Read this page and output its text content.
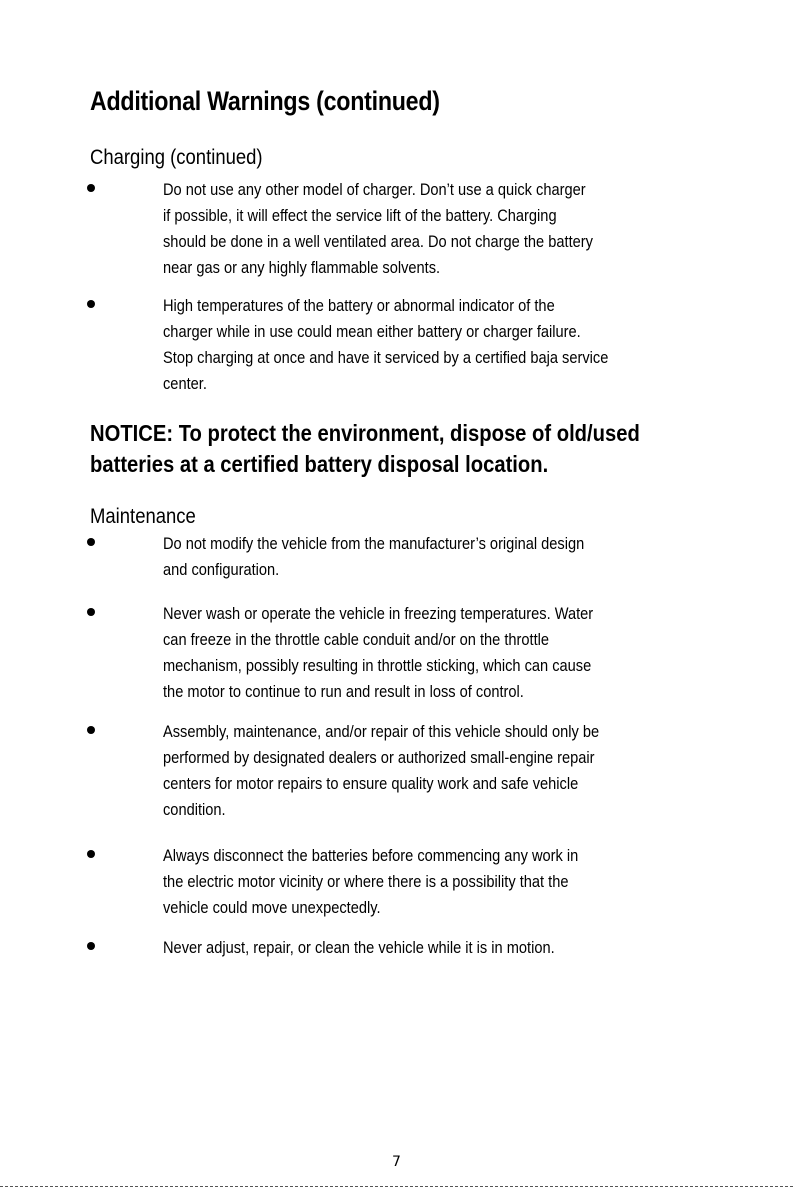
Additional Warnings (continued)
Charging (continued)
Do not use any other model of charger. Don’t use a quick charger
if possible, it will effect the service lift of the battery. Charging
should be done in a well ventilated area. Do not charge the battery
near gas or any highly flammable solvents.
High temperatures of the battery or abnormal indicator of the
charger while in use could mean either battery or charger failure.
Stop charging at once and have it serviced by a certified baja service
center.
NOTICE: To protect the environment, dispose of old/used
batteries at a certified battery disposal location.
Maintenance
Do not modify the vehicle from the manufacturer’s original design
and configuration.
Never wash or operate the vehicle in freezing temperatures. Water
can freeze in the throttle cable conduit and/or on the throttle
mechanism, possibly resulting in throttle sticking, which can cause
the motor to continue to run and result in loss of control.
Assembly, maintenance, and/or repair of this vehicle should only be
performed by designated dealers or authorized small-engine repair
centers for motor repairs to ensure quality work and safe vehicle
condition.
Always disconnect the batteries before commencing any work in
the electric motor vicinity or where there is a possibility that the
vehicle could move unexpectedly.
Never adjust, repair, or clean the vehicle while it is in motion.
7
